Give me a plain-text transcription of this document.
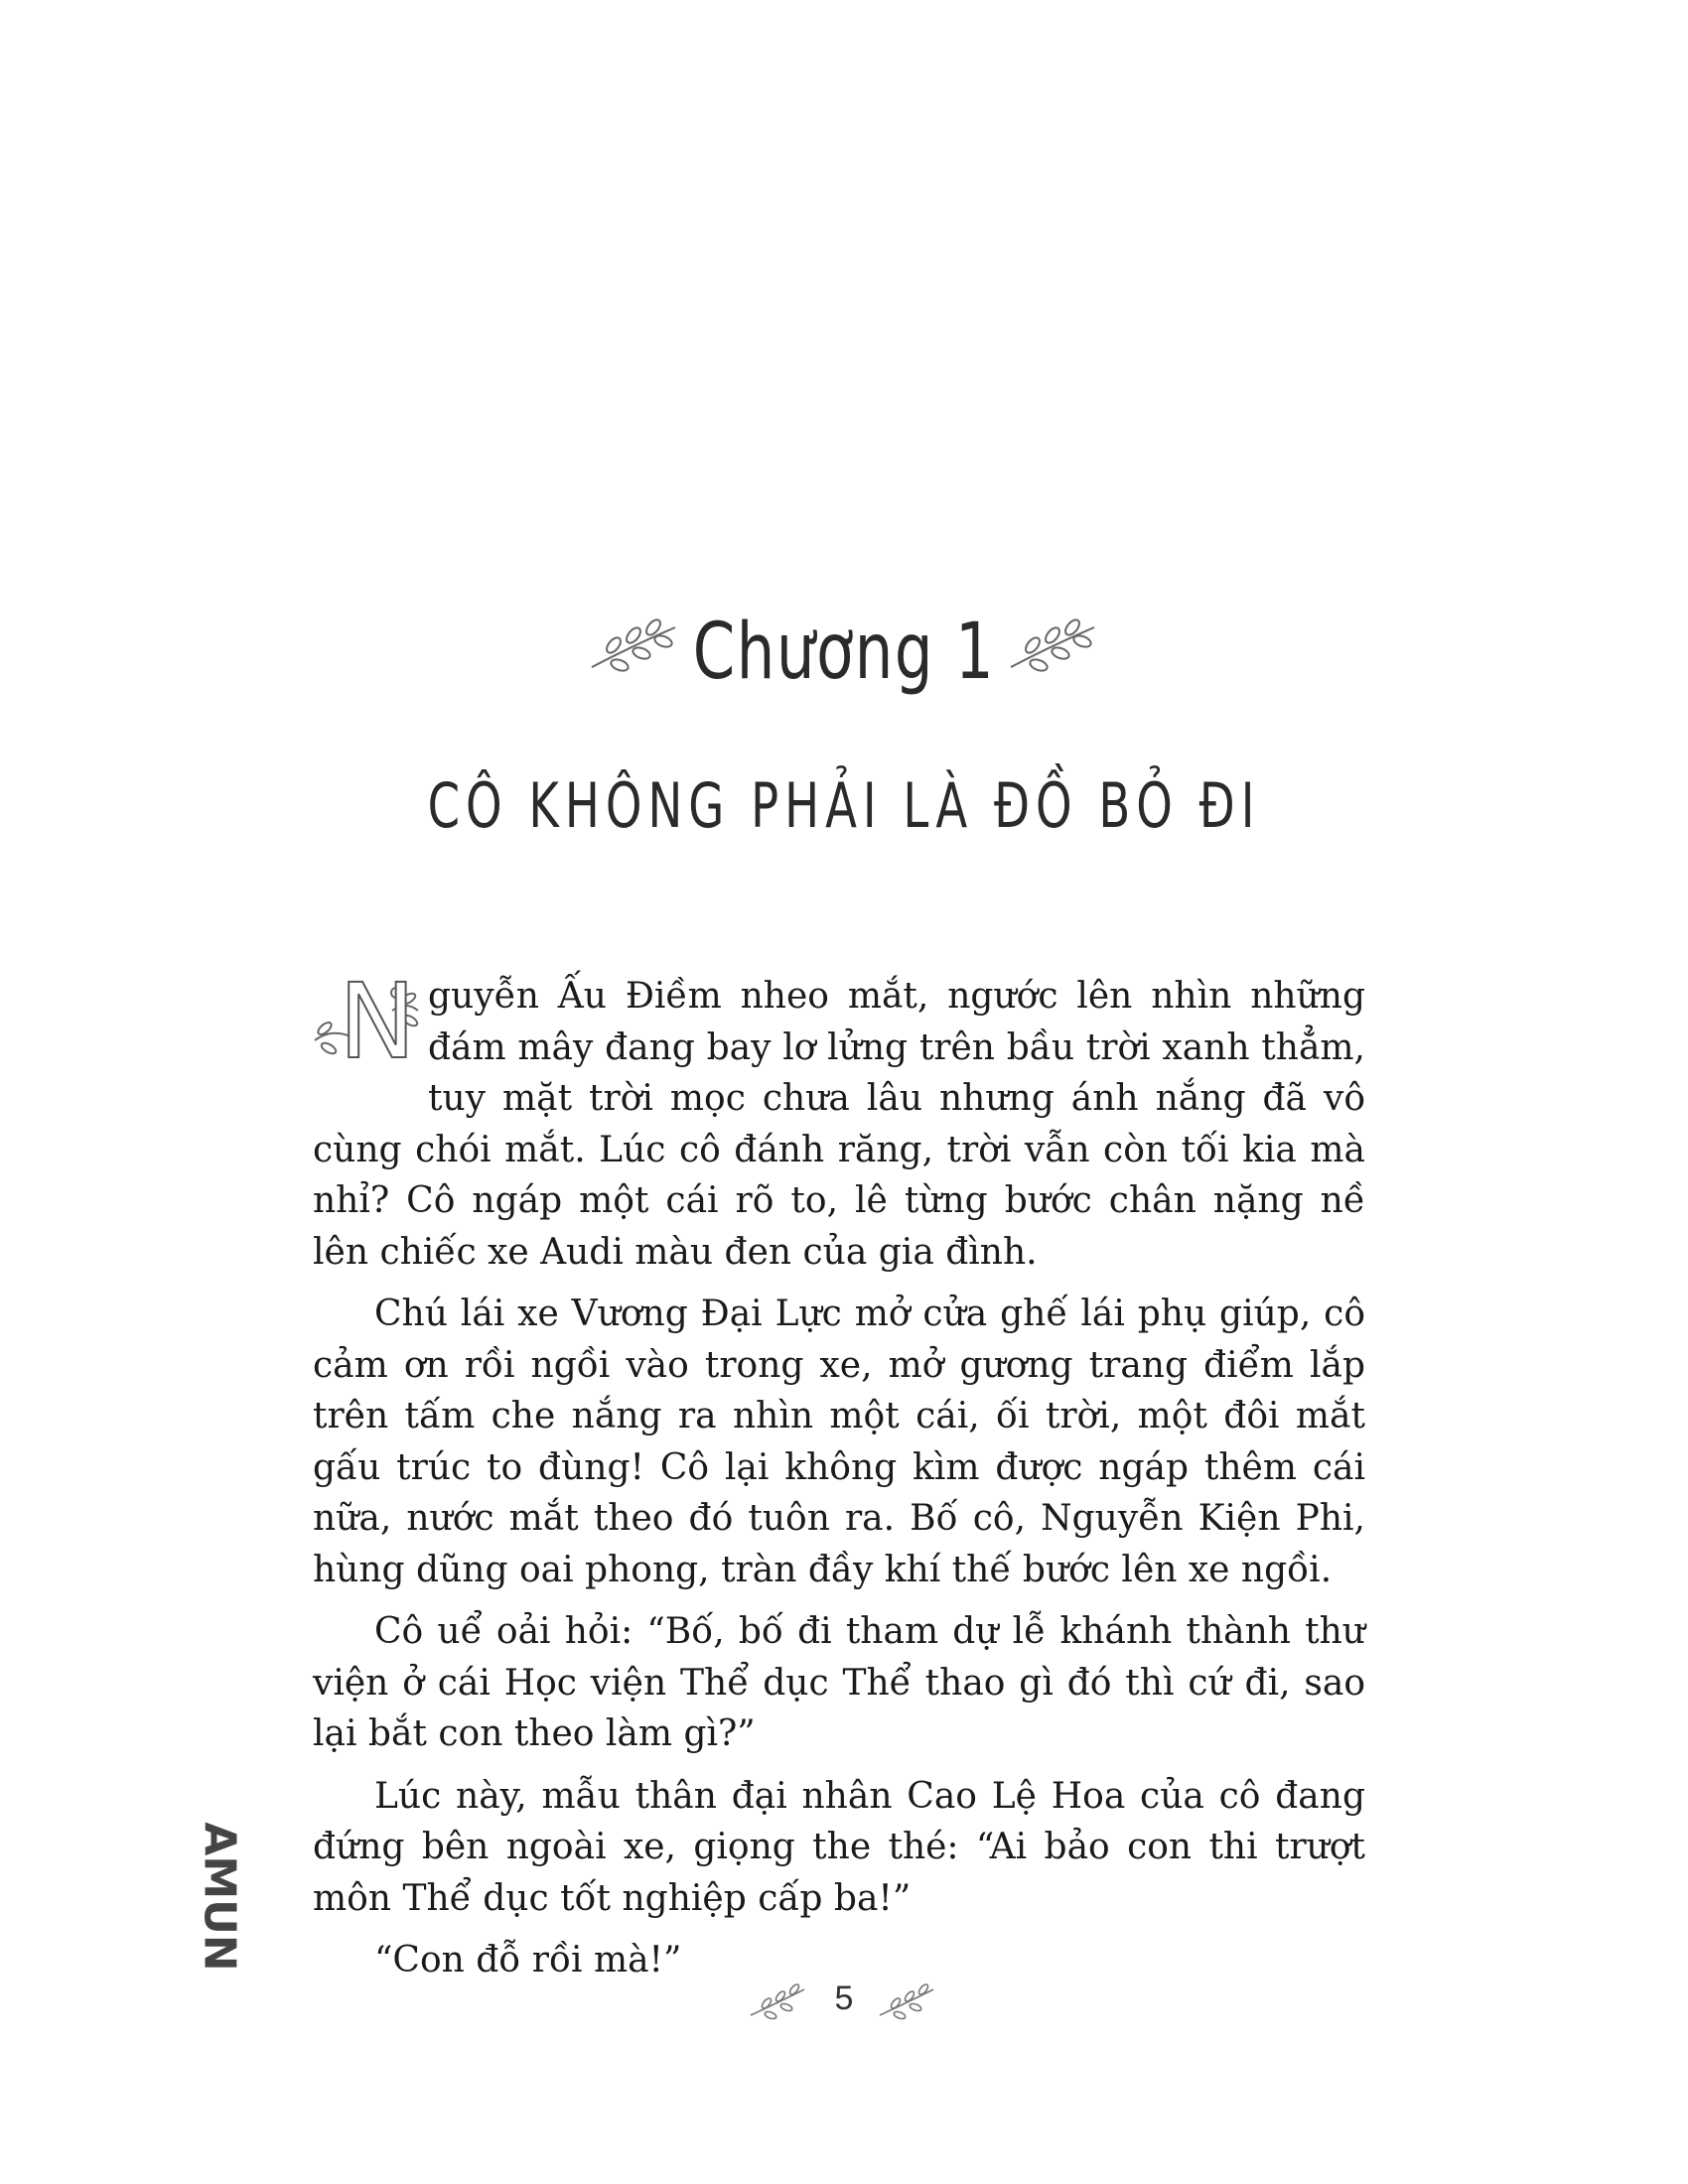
Chương 1
CÔ KHÔNG PHẢI LÀ ĐỒ BỎ ĐI

N guyễn Ấu Điềm nheo mắt, ngước lên nhìn những đám mây đang bay lơ lửng trên bầu trời xanh thẳm, tuy mặt trời mọc chưa lâu nhưng ánh nắng đã vô cùng chói mắt. Lúc cô đánh răng, trời vẫn còn tối kia mà nhỉ? Cô ngáp một cái rõ to, lê từng bước chân nặng nề lên chiếc xe Audi màu đen của gia đình.

Chú lái xe Vương Đại Lực mở cửa ghế lái phụ giúp, cô cảm ơn rồi ngồi vào trong xe, mở gương trang điểm lắp trên tấm che nắng ra nhìn một cái, ối trời, một đôi mắt gấu trúc to đùng! Cô lại không kìm được ngáp thêm cái nữa, nước mắt theo đó tuôn ra. Bố cô, Nguyễn Kiện Phi, hùng dũng oai phong, tràn đầy khí thế bước lên xe ngồi.

Cô uể oải hỏi: “Bố, bố đi tham dự lễ khánh thành thư viện ở cái Học viện Thể dục Thể thao gì đó thì cứ đi, sao lại bắt con theo làm gì?”

Lúc này, mẫu thân đại nhân Cao Lệ Hoa của cô đang đứng bên ngoài xe, giọng the thé: “Ai bảo con thi trượt môn Thể dục tốt nghiệp cấp ba!”

“Con đỗ rồi mà!”

AMUN
5
